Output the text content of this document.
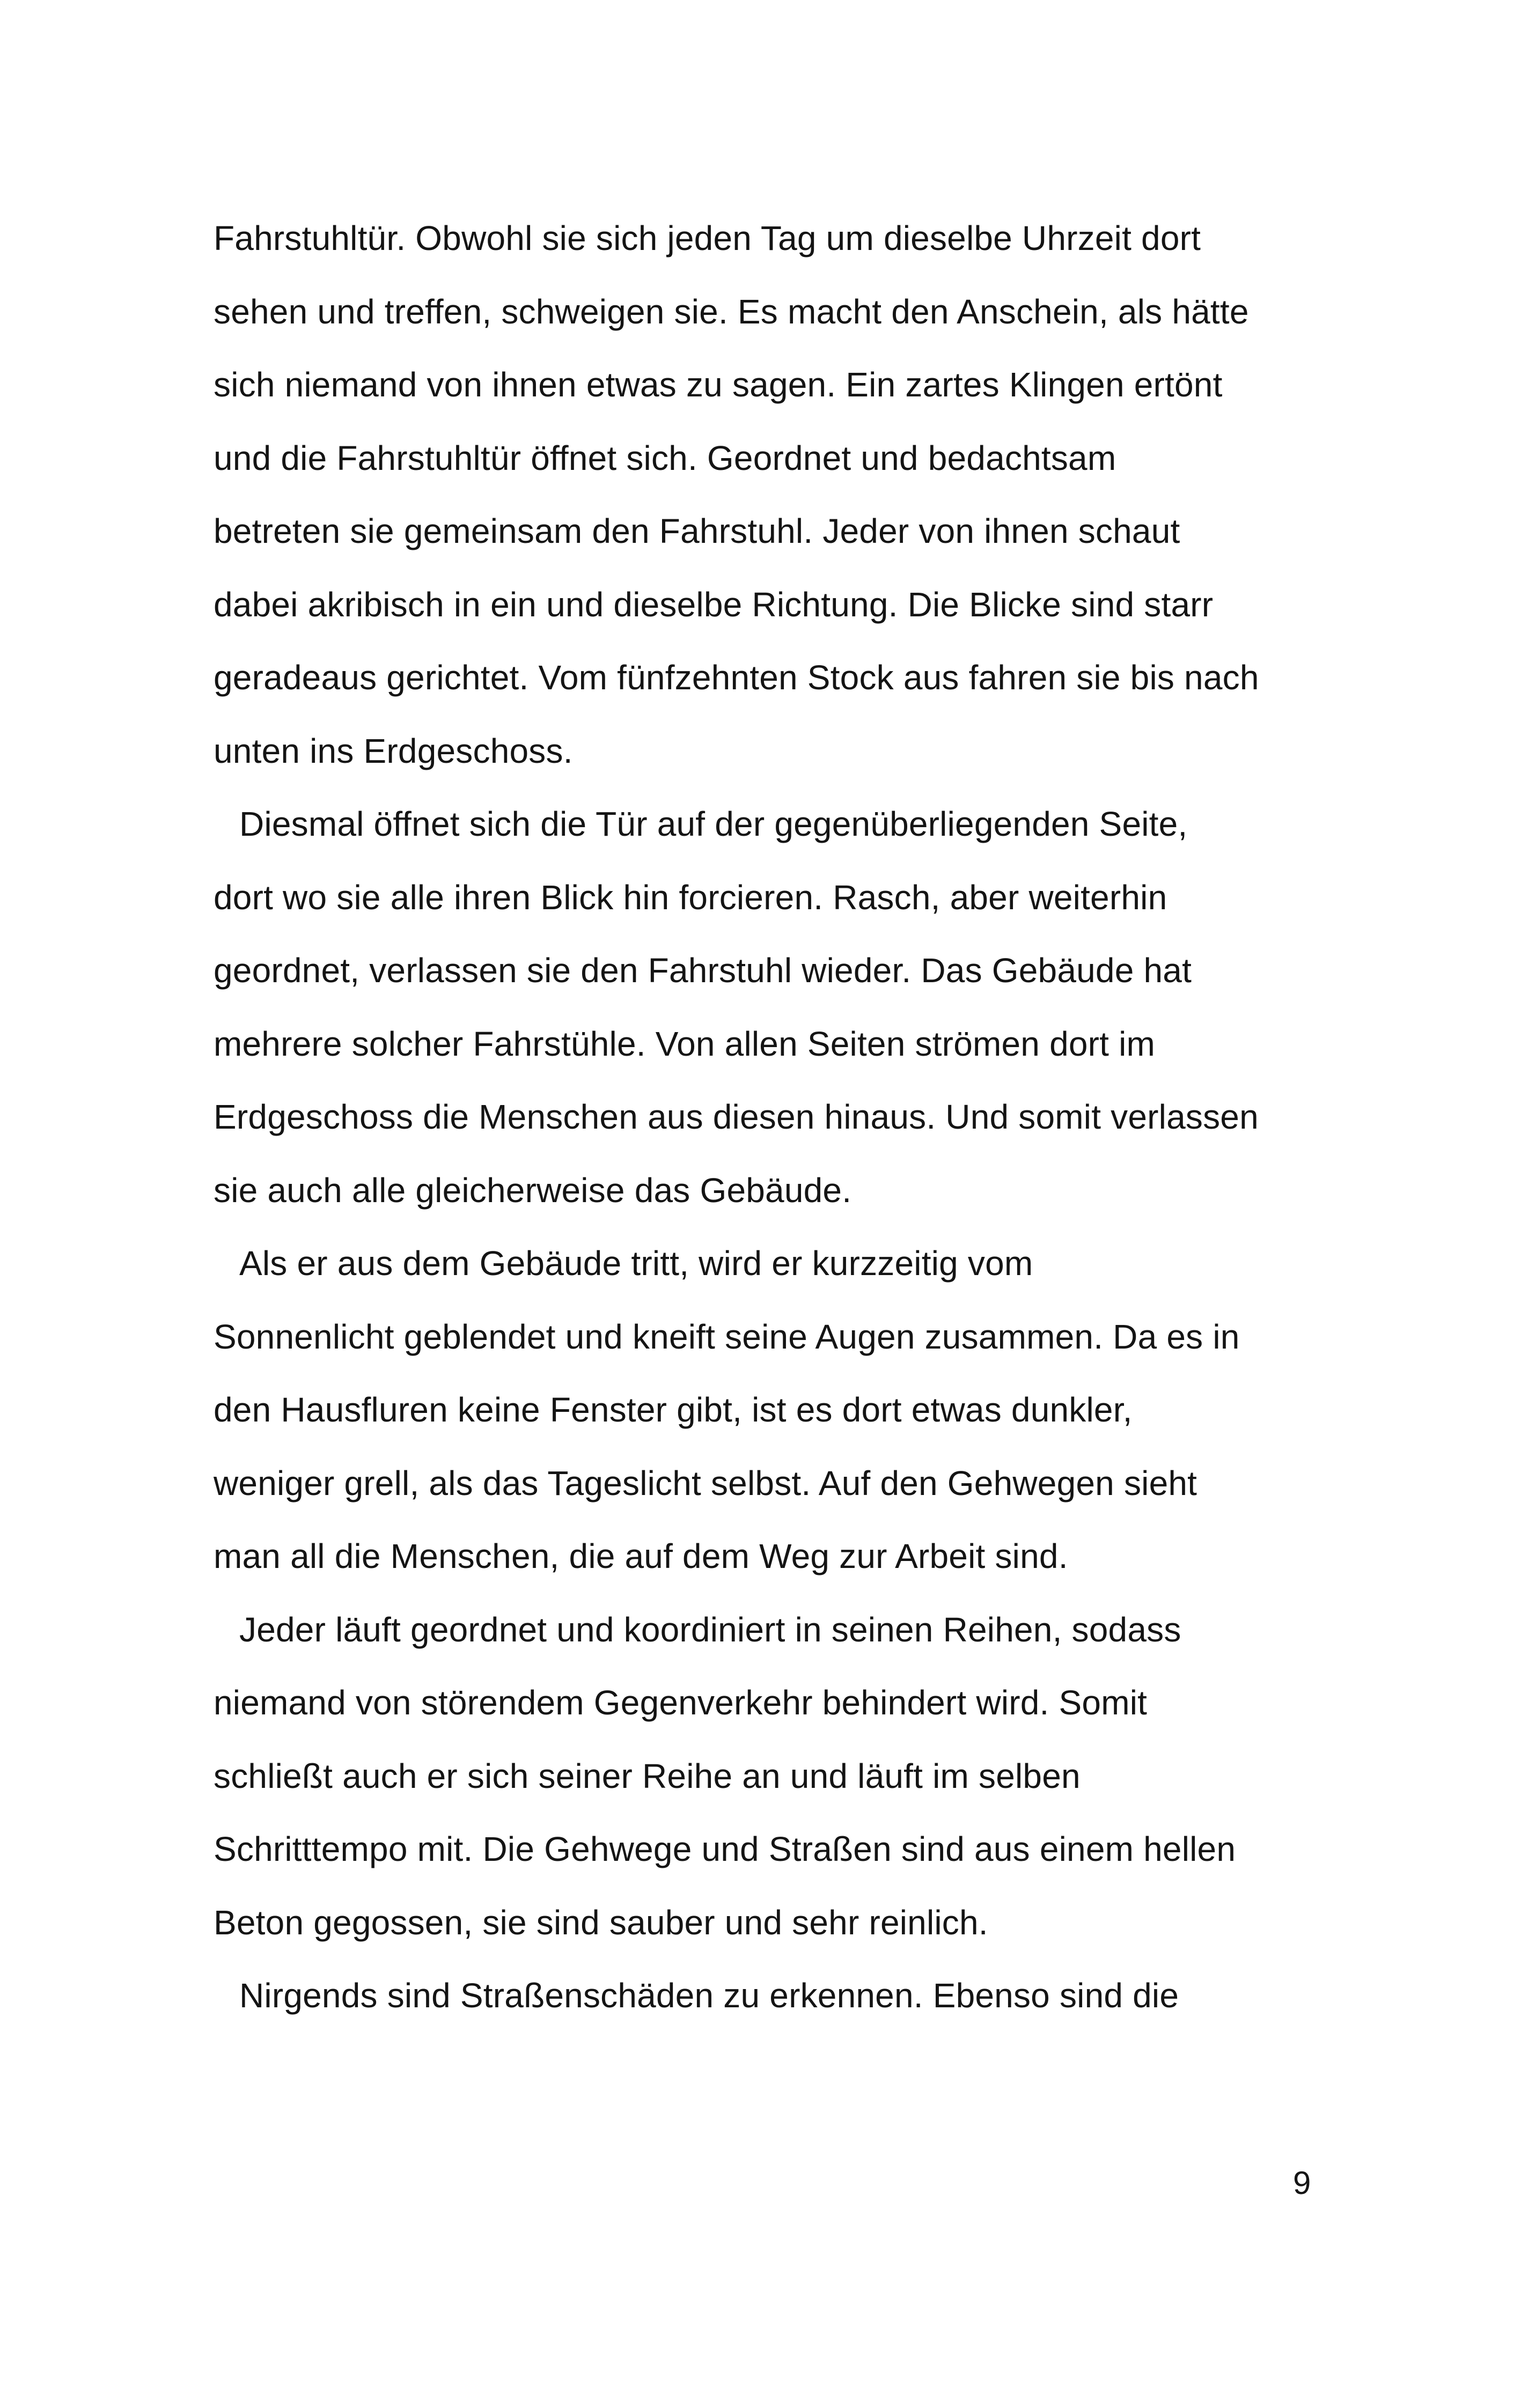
Fahrstuhltür. Obwohl sie sich jeden Tag um dieselbe Uhrzeit dort
sehen und treffen, schweigen sie. Es macht den Anschein, als hätte
sich niemand von ihnen etwas zu sagen. Ein zartes Klingen ertönt
und die Fahrstuhltür öffnet sich. Geordnet und bedachtsam
betreten sie gemeinsam den Fahrstuhl. Jeder von ihnen schaut
dabei akribisch in ein und dieselbe Richtung. Die Blicke sind starr
geradeaus gerichtet. Vom fünfzehnten Stock aus fahren sie bis nach
unten ins Erdgeschoss.
Diesmal öffnet sich die Tür auf der gegenüberliegenden Seite,
dort wo sie alle ihren Blick hin forcieren. Rasch, aber weiterhin
geordnet, verlassen sie den Fahrstuhl wieder. Das Gebäude hat
mehrere solcher Fahrstühle. Von allen Seiten strömen dort im
Erdgeschoss die Menschen aus diesen hinaus. Und somit verlassen
sie auch alle gleicherweise das Gebäude.
Als er aus dem Gebäude tritt, wird er kurzzeitig vom
Sonnenlicht geblendet und kneift seine Augen zusammen. Da es in
den Hausfluren keine Fenster gibt, ist es dort etwas dunkler,
weniger grell, als das Tageslicht selbst. Auf den Gehwegen sieht
man all die Menschen, die auf dem Weg zur Arbeit sind.
Jeder läuft geordnet und koordiniert in seinen Reihen, sodass
niemand von störendem Gegenverkehr behindert wird. Somit
schließt auch er sich seiner Reihe an und läuft im selben
Schritttempo mit. Die Gehwege und Straßen sind aus einem hellen
Beton gegossen, sie sind sauber und sehr reinlich.
Nirgends sind Straßenschäden zu erkennen. Ebenso sind die
9
